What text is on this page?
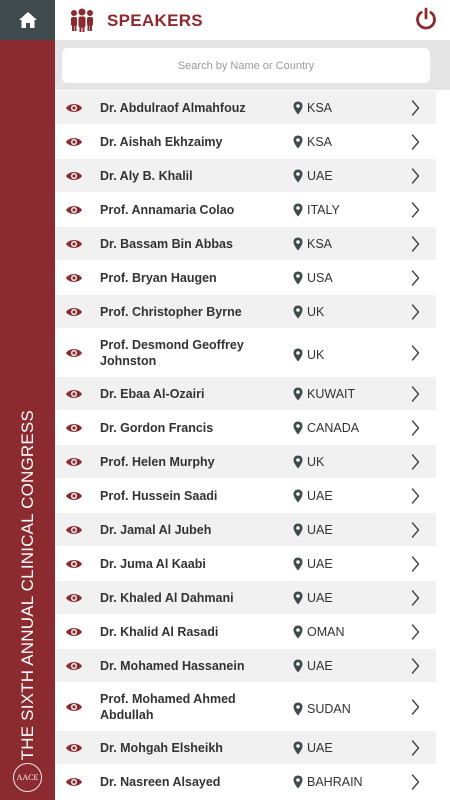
THE SIXTH ANNUAL CLINICAL CONGRESS
AACE
SPEAKERS
Search by Name or Country
Dr. Abdulraof Almahfouz	KSA
Dr. Aishah Ekhzaimy	KSA
Dr. Aly B. Khalil	UAE
Prof. Annamaria Colao	ITALY
Dr. Bassam Bin Abbas	KSA
Prof. Bryan Haugen	USA
Prof. Christopher Byrne	UK
Prof. Desmond Geoffrey Johnston	UK
Dr. Ebaa Al-Ozairi	KUWAIT
Dr. Gordon Francis	CANADA
Prof. Helen Murphy	UK
Prof. Hussein Saadi	UAE
Dr. Jamal Al Jubeh	UAE
Dr. Juma Al Kaabi	UAE
Dr. Khaled Al Dahmani	UAE
Dr. Khalid Al Rasadi	OMAN
Dr. Mohamed Hassanein	UAE
Prof. Mohamed Ahmed Abdullah	SUDAN
Dr. Mohgah Elsheikh	UAE
Dr. Nasreen Alsayed	BAHRAIN
